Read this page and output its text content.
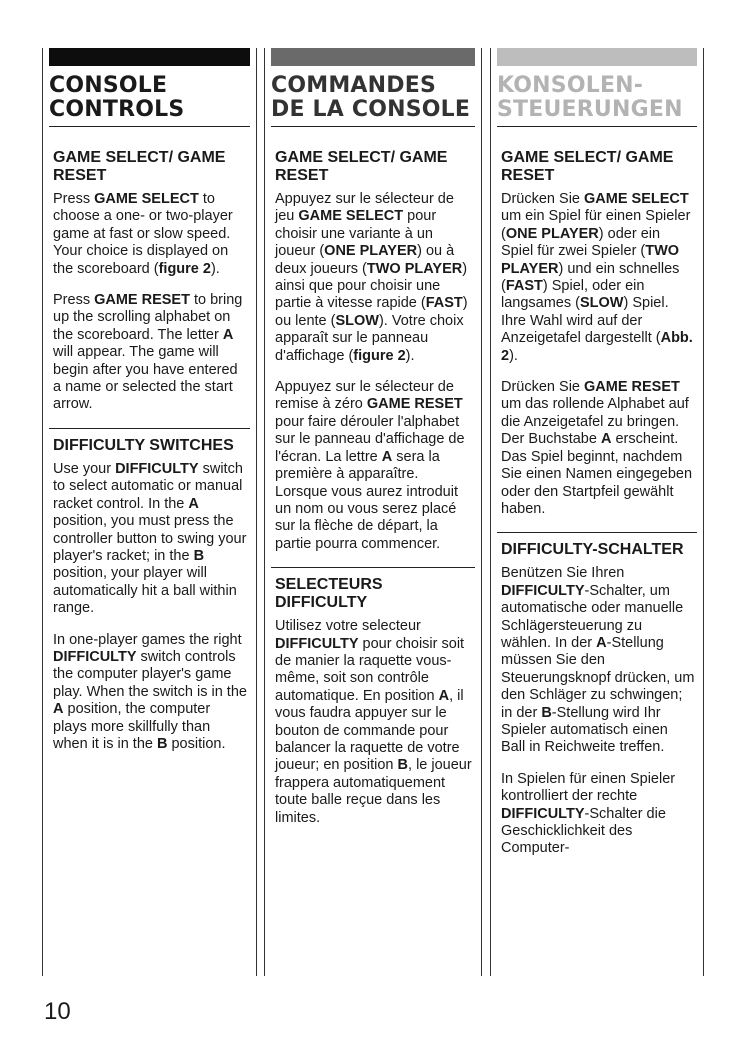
CONSOLE CONTROLS
GAME SELECT/ GAME RESET

Press GAME SELECT to choose a one- or two-player game at fast or slow speed. Your choice is displayed on the scoreboard (figure 2).

Press GAME RESET to bring up the scrolling alphabet on the scoreboard. The letter A will appear. The game will begin after you have entered a name or selected the start arrow.

DIFFICULTY SWITCHES

Use your DIFFICULTY switch to select automatic or manual racket control. In the A position, you must press the controller button to swing your player's racket; in the B position, your player will automatically hit a ball within range.

In one-player games the right DIFFICULTY switch controls the computer player's game play. When the switch is in the A position, the computer plays more skillfully than when it is in the B position.

COMMANDES DE LA CONSOLE
GAME SELECT/ GAME RESET

Appuyez sur le sélecteur de jeu GAME SELECT pour choisir une variante à un joueur (ONE PLAYER) ou à deux joueurs (TWO PLAYER) ainsi que pour choisir une partie à vitesse rapide (FAST) ou lente (SLOW). Votre choix apparaît sur le panneau d'affichage (figure 2).

Appuyez sur le sélecteur de remise à zéro GAME RESET pour faire dérouler l'alphabet sur le panneau d'affichage de l'écran. La lettre A sera la première à apparaître. Lorsque vous aurez introduit un nom ou vous serez placé sur la flèche de départ, la partie pourra commencer.

SELECTEURS DIFFICULTY

Utilisez votre selecteur DIFFICULTY pour choisir soit de manier la raquette vous-même, soit son contrôle automatique. En position A, il vous faudra appuyer sur le bouton de commande pour balancer la raquette de votre joueur; en position B, le joueur frappera automatiquement toute balle reçue dans les limites.

KONSOLEN-STEUERUNGEN
GAME SELECT/ GAME RESET

Drücken Sie GAME SELECT um ein Spiel für einen Spieler (ONE PLAYER) oder ein Spiel für zwei Spieler (TWO PLAYER) und ein schnelles (FAST) Spiel, oder ein langsames (SLOW) Spiel. Ihre Wahl wird auf der Anzeigetafel dargestellt (Abb. 2).

Drücken Sie GAME RESET um das rollende Alphabet auf die Anzeigetafel zu bringen. Der Buchstabe A erscheint. Das Spiel beginnt, nachdem Sie einen Namen eingegeben oder den Startpfeil gewählt haben.

DIFFICULTY-SCHALTER

Benützen Sie Ihren DIFFICULTY-Schalter, um automatische oder manuelle Schlägersteuerung zu wählen. In der A-Stellung müssen Sie den Steuerungsknopf drücken, um den Schläger zu schwingen; in der B-Stellung wird Ihr Spieler automatisch einen Ball in Reichweite treffen.

In Spielen für einen Spieler kontrolliert der rechte DIFFICULTY-Schalter die Geschicklichkeit des Computer-

10
